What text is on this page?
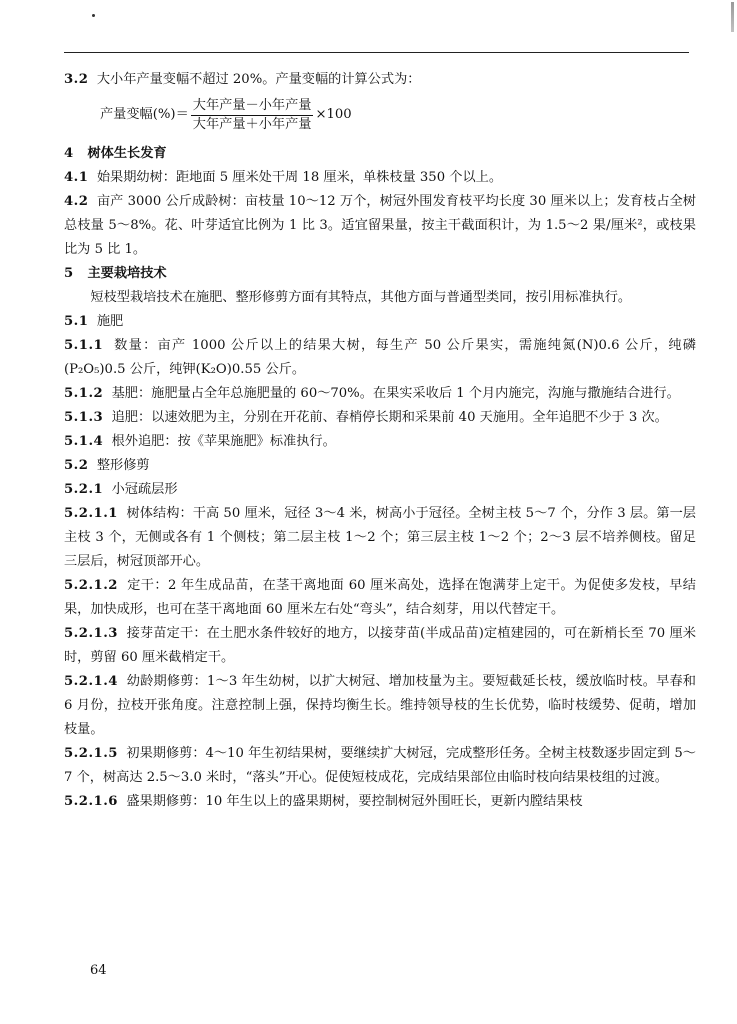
3.2 大小年产量变幅不超过 20%。产量变幅的计算公式为：

产量变幅(%)＝ $\frac{\text{大年产量－小年产量}}{\text{大年产量＋小年产量}} \times 100$

4 树体生长发育

4.1 始果期幼树：距地面 5 厘米处干周 18 厘米，单株枝量 350 个以上。

4.2 亩产 3000 公斤成龄树：亩枝量 10～12 万个，树冠外围发育枝平均长度 30 厘米以上；发育枝占全树总枝量 5～8%。花、叶芽适宜比例为 1 比 3。适宜留果量，按主干截面积计，为 1.5～2 果/厘米²，或枝果比为 5 比 1。

5 主要栽培技术

短枝型栽培技术在施肥、整形修剪方面有其特点，其他方面与普通型类同，按引用标准执行。

5.1 施肥

5.1.1 数量：亩产 1000 公斤以上的结果大树，每生产 50 公斤果实，需施纯氮(N)0.6 公斤，纯磷(P₂O₅)0.5 公斤，纯钾(K₂O)0.55 公斤。

5.1.2 基肥：施肥量占全年总施肥量的 60～70%。在果实采收后 1 个月内施完，沟施与撒施结合进行。

5.1.3 追肥：以速效肥为主，分别在开花前、春梢停长期和采果前 40 天施用。全年追肥不少于 3 次。

5.1.4 根外追肥：按《苹果施肥》标准执行。

5.2 整形修剪

5.2.1 小冠疏层形

5.2.1.1 树体结构：干高 50 厘米，冠径 3～4 米，树高小于冠径。全树主枝 5～7 个，分作 3 层。第一层主枝 3 个，无侧或各有 1 个侧枝；第二层主枝 1～2 个；第三层主枝 1～2 个；2～3 层不培养侧枝。留足三层后，树冠顶部开心。

5.2.1.2 定干：2 年生成品苗，在茎干离地面 60 厘米高处，选择在饱满芽上定干。为促使多发枝，早结果，加快成形，也可在茎干离地面 60 厘米左右处“弯头”，结合刻芽，用以代替定干。

5.2.1.3 接芽苗定干：在土肥水条件较好的地方，以接芽苗(半成品苗)定植建园的，可在新梢长至 70 厘米时，剪留 60 厘米截梢定干。

5.2.1.4 幼龄期修剪：1～3 年生幼树，以扩大树冠、增加枝量为主。要短截延长枝，缓放临时枝。早春和 6 月份，拉枝开张角度。注意控制上强，保持均衡生长。维持领导枝的生长优势，临时枝缓势、促萌，增加枝量。

5.2.1.5 初果期修剪：4～10 年生初结果树，要继续扩大树冠，完成整形任务。全树主枝数逐步固定到 5～7 个，树高达 2.5～3.0 米时，“落头”开心。促使短枝成花，完成结果部位由临时枝向结果枝组的过渡。

5.2.1.6 盛果期修剪：10 年生以上的盛果期树，要控制树冠外围旺长，更新内膛结果枝

64
